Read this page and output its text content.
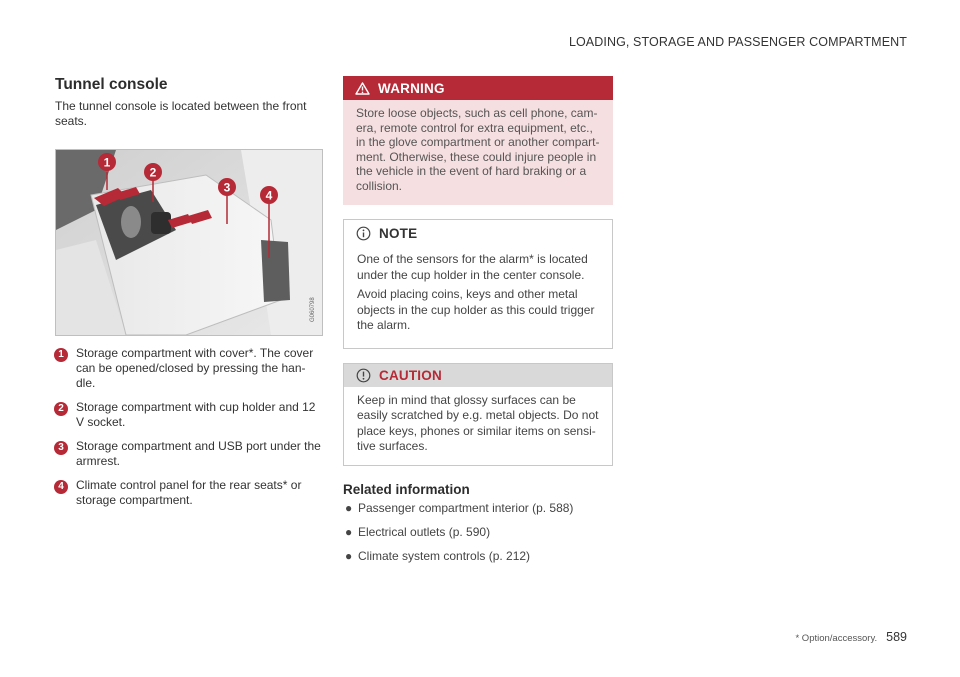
LOADING, STORAGE AND PASSENGER COMPARTMENT
Tunnel console

The tunnel console is located between the front seats.

1
2
3
4
G060798
1	Storage compartment with cover*. The cover can be opened/closed by pressing the han-dle.
2	Storage compartment with cup holder and 12 V socket.
3	Storage compartment and USB port under the armrest.
4	Climate control panel for the rear seats* or storage compartment.
WARNING
Store loose objects, such as cell phone, cam-era, remote control for extra equipment, etc., in the glove compartment or another compart-ment. Otherwise, these could injure people in the vehicle in the event of hard braking or a collision.
NOTE

One of the sensors for the alarm* is located under the cup holder in the center console.

Avoid placing coins, keys and other metal objects in the cup holder as this could trigger the alarm.

CAUTION
Keep in mind that glossy surfaces can be easily scratched by e.g. metal objects. Do not place keys, phones or similar items on sensi-tive surfaces.
Related information
● Passenger compartment interior (p. 588)
● Electrical outlets (p. 590)
● Climate system controls (p. 212)
* Option/accessory. 589
